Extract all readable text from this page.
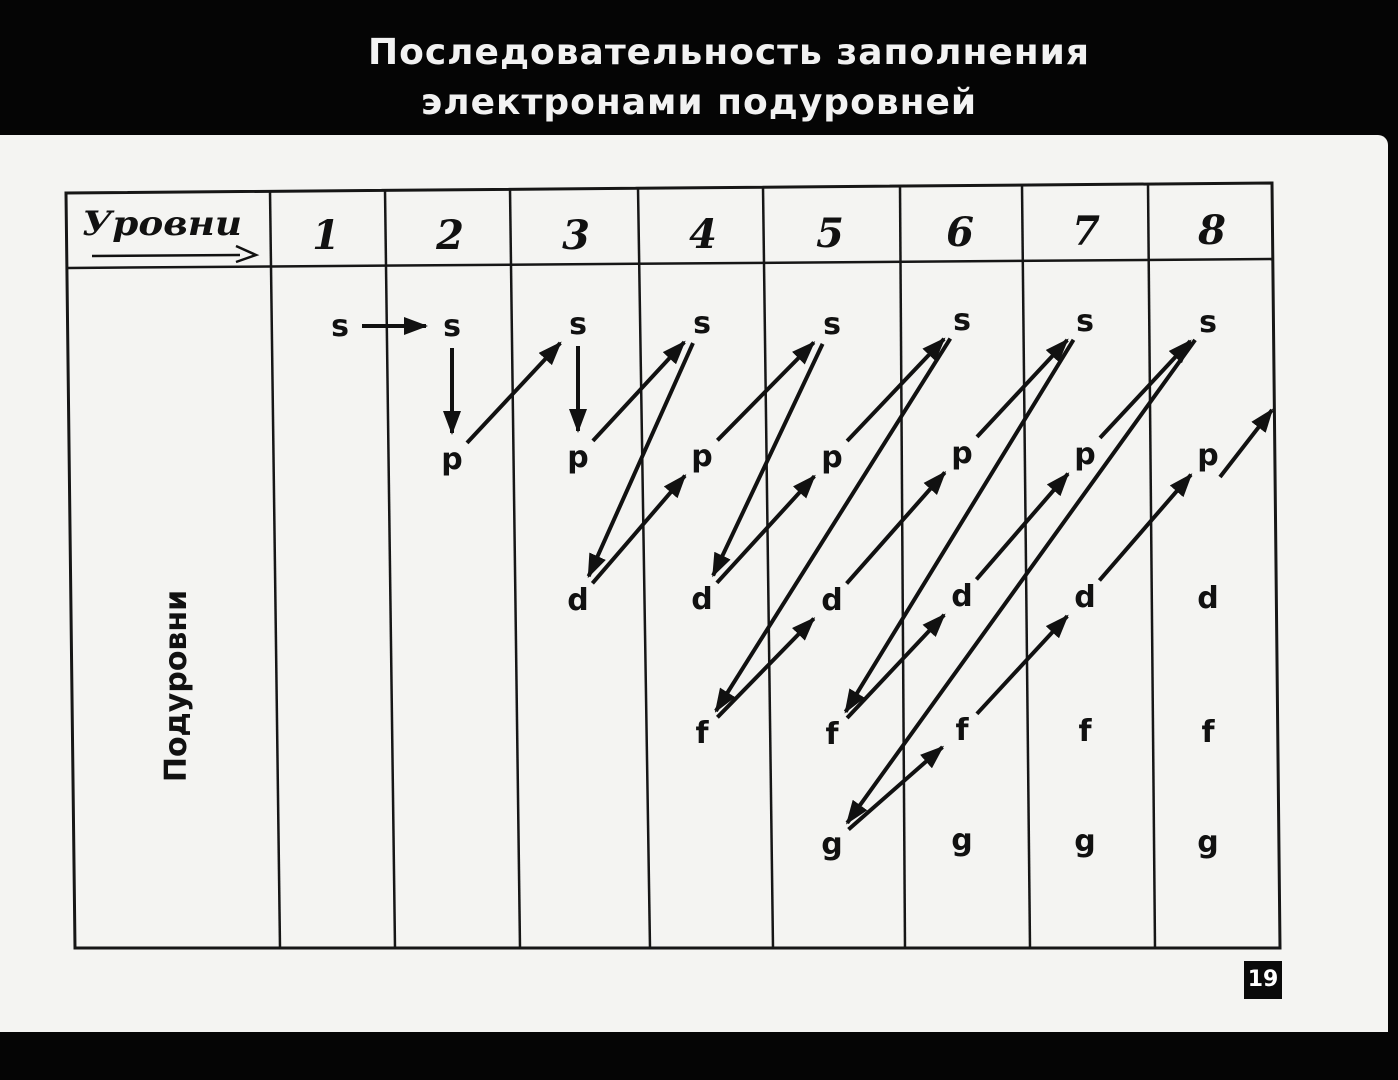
Последовательность заполнения
электронами подуровней
Уровни 1 2 3 4 5	6 7 8
Подуровни
s	s
p
s
p
d
s
p
d
f
s
p
d
f
g
s
p
d
f
g
s
p
d
f
g
s
p
d
f
g
19
